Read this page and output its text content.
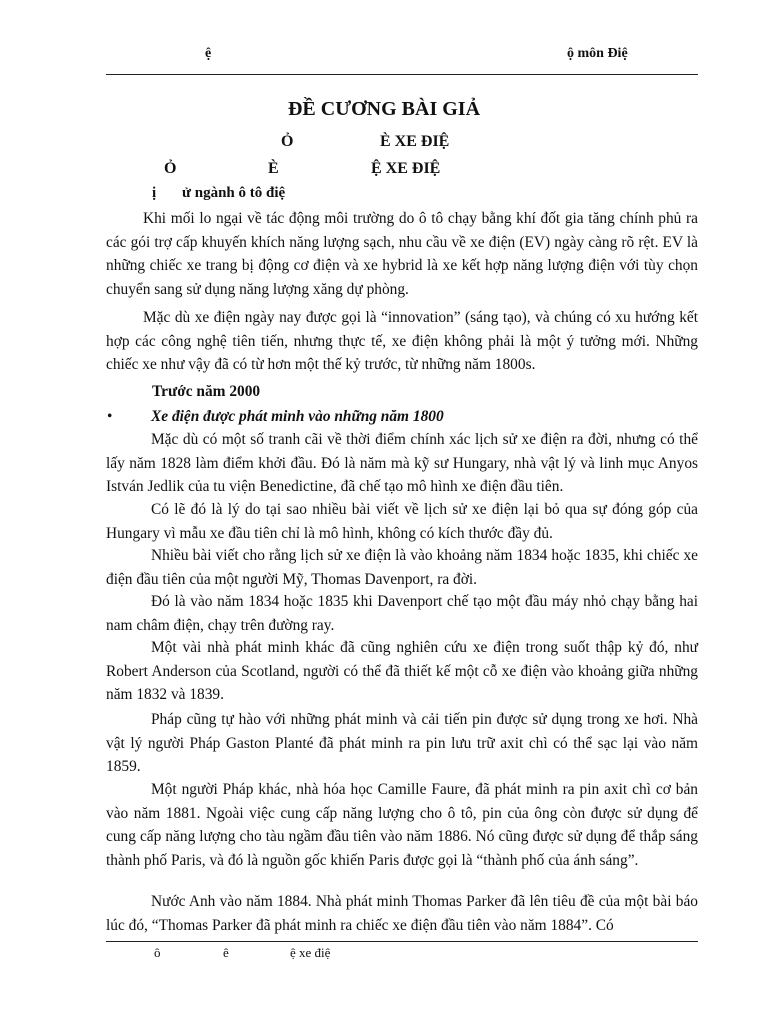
ệ	ộ môn Điệ
ĐỀ CƯƠNG BÀI GIẢ
Ỏ	È XE ĐIỆ
Ỏ	È	Ệ XE ĐIỆ
ị ử ngành ô tô điệ
Khi mối lo ngại về tác động môi trường do ô tô chạy bằng khí đốt gia tăng chính phủ ra các gói trợ cấp khuyến khích năng lượng sạch, nhu cầu về xe điện (EV) ngày càng rõ rệt. EV là những chiếc xe trang bị động cơ điện và xe hybrid là xe kết hợp năng lượng điện với tùy chọn chuyển sang sử dụng năng lượng xăng dự phòng.
Mặc dù xe điện ngày nay được gọi là “innovation” (sáng tạo), và chúng có xu hướng kết hợp các công nghệ tiên tiến, nhưng thực tế, xe điện không phải là một ý tưởng mới. Những chiếc xe như vậy đã có từ hơn một thế kỷ trước, từ những năm 1800s.
Trước năm 2000
•	Xe điện được phát minh vào những năm 1800
Mặc dù có một số tranh cãi về thời điểm chính xác lịch sử xe điện ra đời, nhưng có thể lấy năm 1828 làm điểm khởi đầu. Đó là năm mà kỹ sư Hungary, nhà vật lý và linh mục Anyos István Jedlik của tu viện Benedictine, đã chế tạo mô hình xe điện đầu tiên.
Có lẽ đó là lý do tại sao nhiều bài viết về lịch sử xe điện lại bỏ qua sự đóng góp của Hungary vì mẫu xe đầu tiên chỉ là mô hình, không có kích thước đầy đủ.
Nhiều bài viết cho rằng lịch sử xe điện là vào khoảng năm 1834 hoặc 1835, khi chiếc xe điện đầu tiên của một người Mỹ, Thomas Davenport, ra đời.
Đó là vào năm 1834 hoặc 1835 khi Davenport chế tạo một đầu máy nhỏ chạy bằng hai nam châm điện, chạy trên đường ray.
Một vài nhà phát minh khác đã cũng nghiên cứu xe điện trong suốt thập kỷ đó, như Robert Anderson của Scotland, người có thể đã thiết kế một cỗ xe điện vào khoảng giữa những năm 1832 và 1839.
Pháp cũng tự hào với những phát minh và cải tiến pin được sử dụng trong xe hơi. Nhà vật lý người Pháp Gaston Planté đã phát minh ra pin lưu trữ axit chì có thể sạc lại vào năm 1859.
Một người Pháp khác, nhà hóa học Camille Faure, đã phát minh ra pin axit chì cơ bản vào năm 1881. Ngoài việc cung cấp năng lượng cho ô tô, pin của ông còn được sử dụng để cung cấp năng lượng cho tàu ngầm đầu tiên vào năm 1886. Nó cũng được sử dụng để thắp sáng thành phố Paris, và đó là nguồn gốc khiến Paris được gọi là “thành phố của ánh sáng”.
Nước Anh vào năm 1884. Nhà phát minh Thomas Parker đã lên tiêu đề của một bài báo lúc đó, “Thomas Parker đã phát minh ra chiếc xe điện đầu tiên vào năm 1884”. Có
ô	ê	ệ xe điệ
